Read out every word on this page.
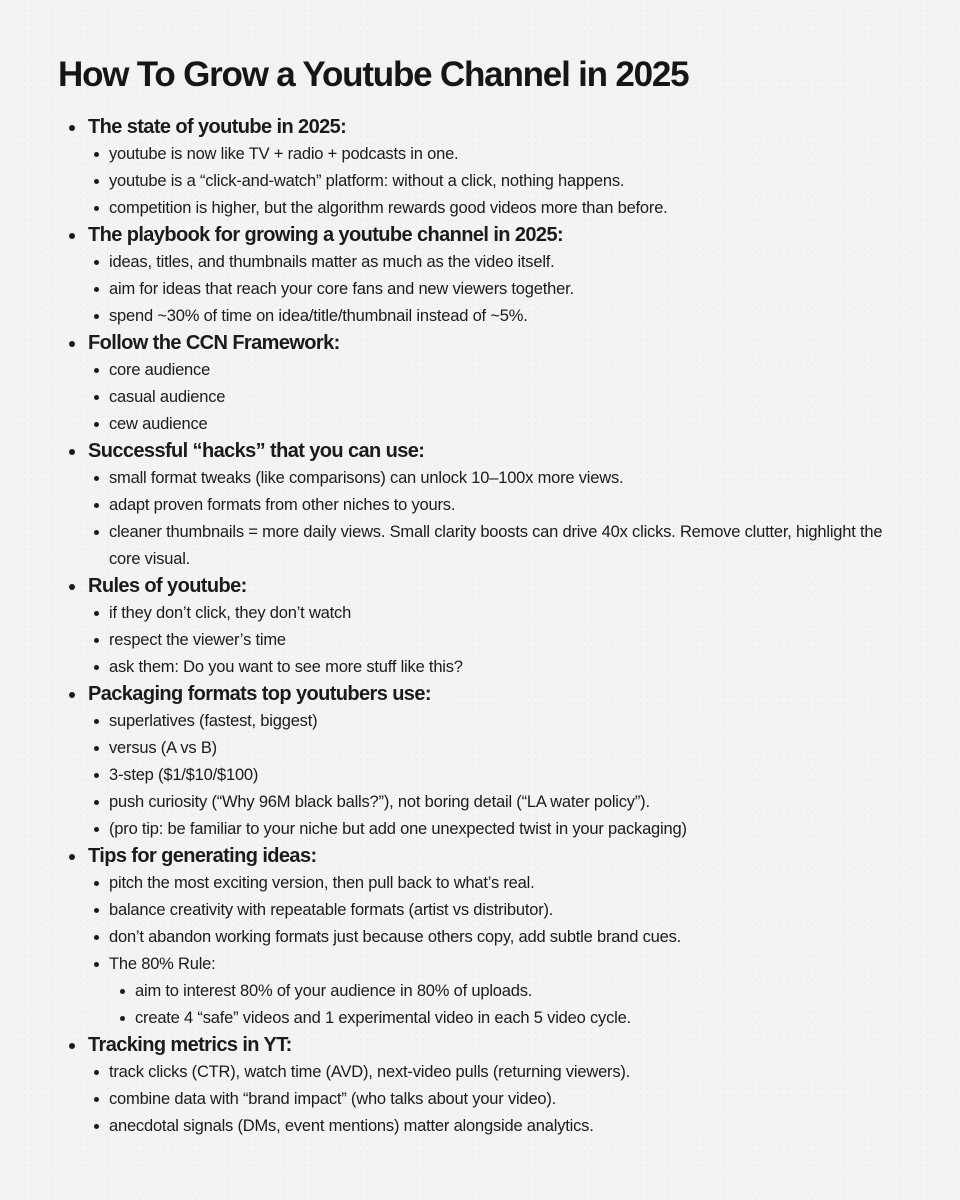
How To Grow a Youtube Channel in 2025
The state of youtube in 2025:
youtube is now like TV + radio + podcasts in one.
youtube is a “click-and-watch” platform: without a click, nothing happens.
competition is higher, but the algorithm rewards good videos more than before.
The playbook for growing a youtube channel in 2025:
ideas, titles, and thumbnails matter as much as the video itself.
aim for ideas that reach your core fans and new viewers together.
spend ~30% of time on idea/title/thumbnail instead of ~5%.
Follow the CCN Framework:
core audience
casual audience
cew audience
Successful “hacks” that you can use:
small format tweaks (like comparisons) can unlock 10–100x more views.
adapt proven formats from other niches to yours.
cleaner thumbnails = more daily views. Small clarity boosts can drive 40x clicks. Remove clutter, highlight the core visual.
Rules of youtube:
if they don’t click, they don’t watch
respect the viewer’s time
ask them: Do you want to see more stuff like this?
Packaging formats top youtubers use:
superlatives (fastest, biggest)
versus (A vs B)
3-step ($1/$10/$100)
push curiosity (“Why 96M black balls?”), not boring detail (“LA water policy”).
(pro tip: be familiar to your niche but add one unexpected twist in your packaging)
Tips for generating ideas:
pitch the most exciting version, then pull back to what’s real.
balance creativity with repeatable formats (artist vs distributor).
don’t abandon working formats just because others copy, add subtle brand cues.
The 80% Rule:
aim to interest 80% of your audience in 80% of uploads.
create 4 “safe” videos and 1 experimental video in each 5 video cycle.
Tracking metrics in YT:
track clicks (CTR), watch time (AVD), next-video pulls (returning viewers).
combine data with “brand impact” (who talks about your video).
anecdotal signals (DMs, event mentions) matter alongside analytics.
